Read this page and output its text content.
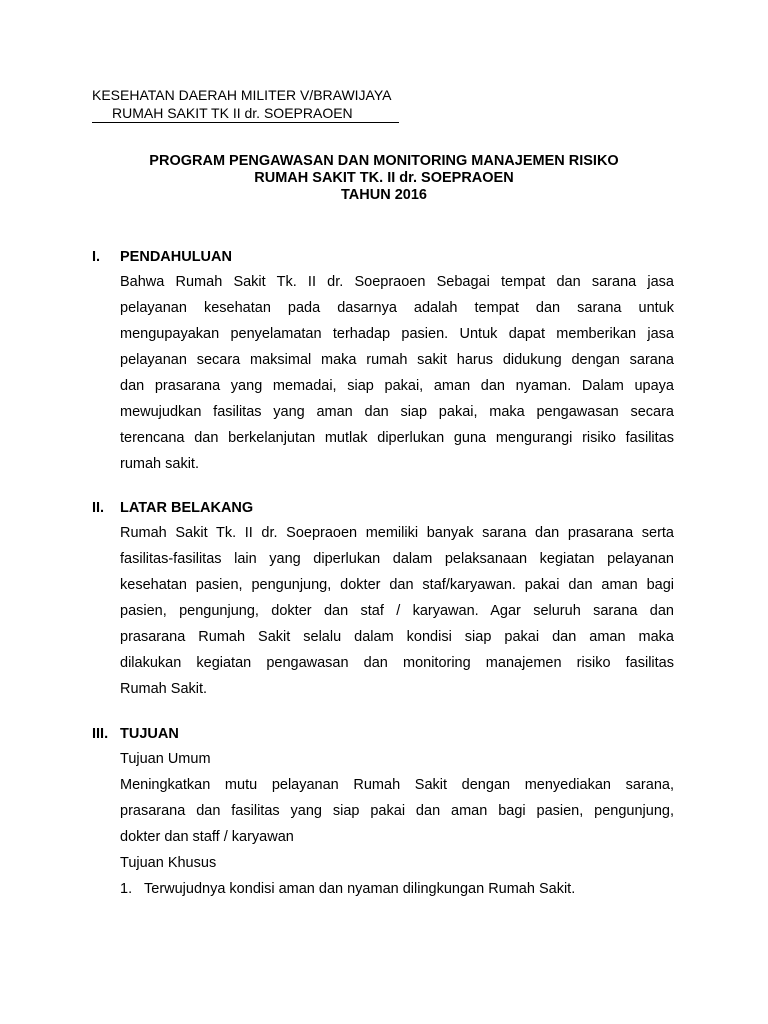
KESEHATAN DAERAH MILITER V/BRAWIJAYA
RUMAH SAKIT TK II dr. SOEPRAOEN
PROGRAM PENGAWASAN DAN MONITORING MANAJEMEN RISIKO
RUMAH SAKIT TK. II dr. SOEPRAOEN
TAHUN 2016
I.	PENDAHULUAN
Bahwa Rumah Sakit Tk. II dr. Soepraoen Sebagai tempat dan sarana jasa
pelayanan kesehatan pada dasarnya adalah tempat dan sarana untuk
mengupayakan penyelamatan terhadap pasien. Untuk dapat memberikan jasa
pelayanan secara maksimal maka rumah sakit harus didukung dengan sarana
dan prasarana yang memadai, siap pakai, aman dan nyaman. Dalam upaya
mewujudkan fasilitas yang aman dan siap pakai, maka pengawasan secara
terencana dan berkelanjutan mutlak diperlukan guna mengurangi risiko fasilitas
rumah sakit.
II.	LATAR BELAKANG
Rumah Sakit Tk. II dr. Soepraoen memiliki banyak sarana dan prasarana serta
fasilitas-fasilitas lain yang diperlukan dalam pelaksanaan kegiatan pelayanan
kesehatan pasien, pengunjung, dokter dan staf/karyawan. pakai dan aman bagi
pasien, pengunjung, dokter dan staf / karyawan. Agar seluruh sarana dan
prasarana Rumah Sakit selalu dalam kondisi siap pakai dan aman maka
dilakukan kegiatan pengawasan dan monitoring manajemen risiko fasilitas
Rumah Sakit.
III. TUJUAN
Tujuan Umum
Meningkatkan mutu pelayanan Rumah Sakit dengan menyediakan sarana,
prasarana dan fasilitas yang siap pakai dan aman bagi pasien, pengunjung,
dokter dan staff / karyawan
Tujuan Khusus
1. Terwujudnya kondisi aman dan nyaman dilingkungan Rumah Sakit.
